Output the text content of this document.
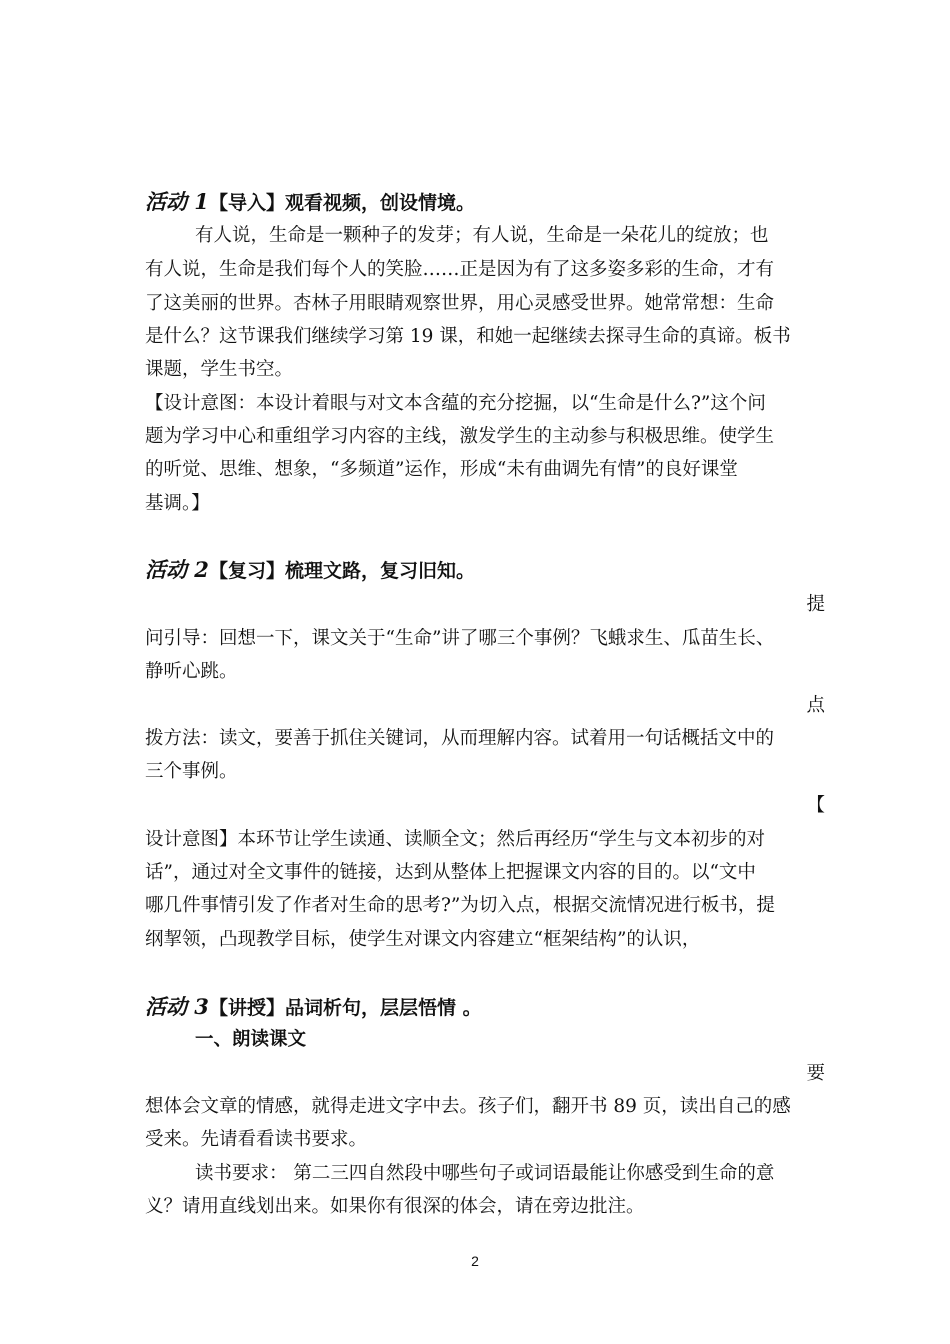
活动 1【导入】观看视频，创设情境。
有人说，生命是一颗种子的发芽；有人说，生命是一朵花儿的绽放；也
有人说，生命是我们每个人的笑脸……正是因为有了这多姿多彩的生命，才有
了这美丽的世界。杏林子用眼睛观察世界，用心灵感受世界。她常常想：生命
是什么？这节课我们继续学习第 19 课，和她一起继续去探寻生命的真谛。板书
课题，学生书空。
【设计意图：本设计着眼与对文本含蕴的充分挖掘，以“生命是什么?”这个问
题为学习中心和重组学习内容的主线，激发学生的主动参与积极思维。使学生
的听觉、思维、想象，“多频道”运作，形成“未有曲调先有情”的良好课堂
基调。】
活动 2【复习】梳理文路，复习旧知。
提
问引导：回想一下，课文关于“生命”讲了哪三个事例？飞蛾求生、瓜苗生长、
静听心跳。
点
拨方法：读文，要善于抓住关键词，从而理解内容。试着用一句话概括文中的
三个事例。
【
设计意图】本环节让学生读通、读顺全文；然后再经历“学生与文本初步的对
话”，通过对全文事件的链接，达到从整体上把握课文内容的目的。以“文中
哪几件事情引发了作者对生命的思考?”为切入点，根据交流情况进行板书，提
纲挈领，凸现教学目标，使学生对课文内容建立“框架结构”的认识，
活动 3【讲授】品词析句，层层悟情 。
一、朗读课文
要
想体会文章的情感，就得走进文字中去。孩子们，翻开书 89 页，读出自己的感
受来。先请看看读书要求。
读书要求： 第二三四自然段中哪些句子或词语最能让你感受到生命的意
义？请用直线划出来。如果你有很深的体会，请在旁边批注。
2
